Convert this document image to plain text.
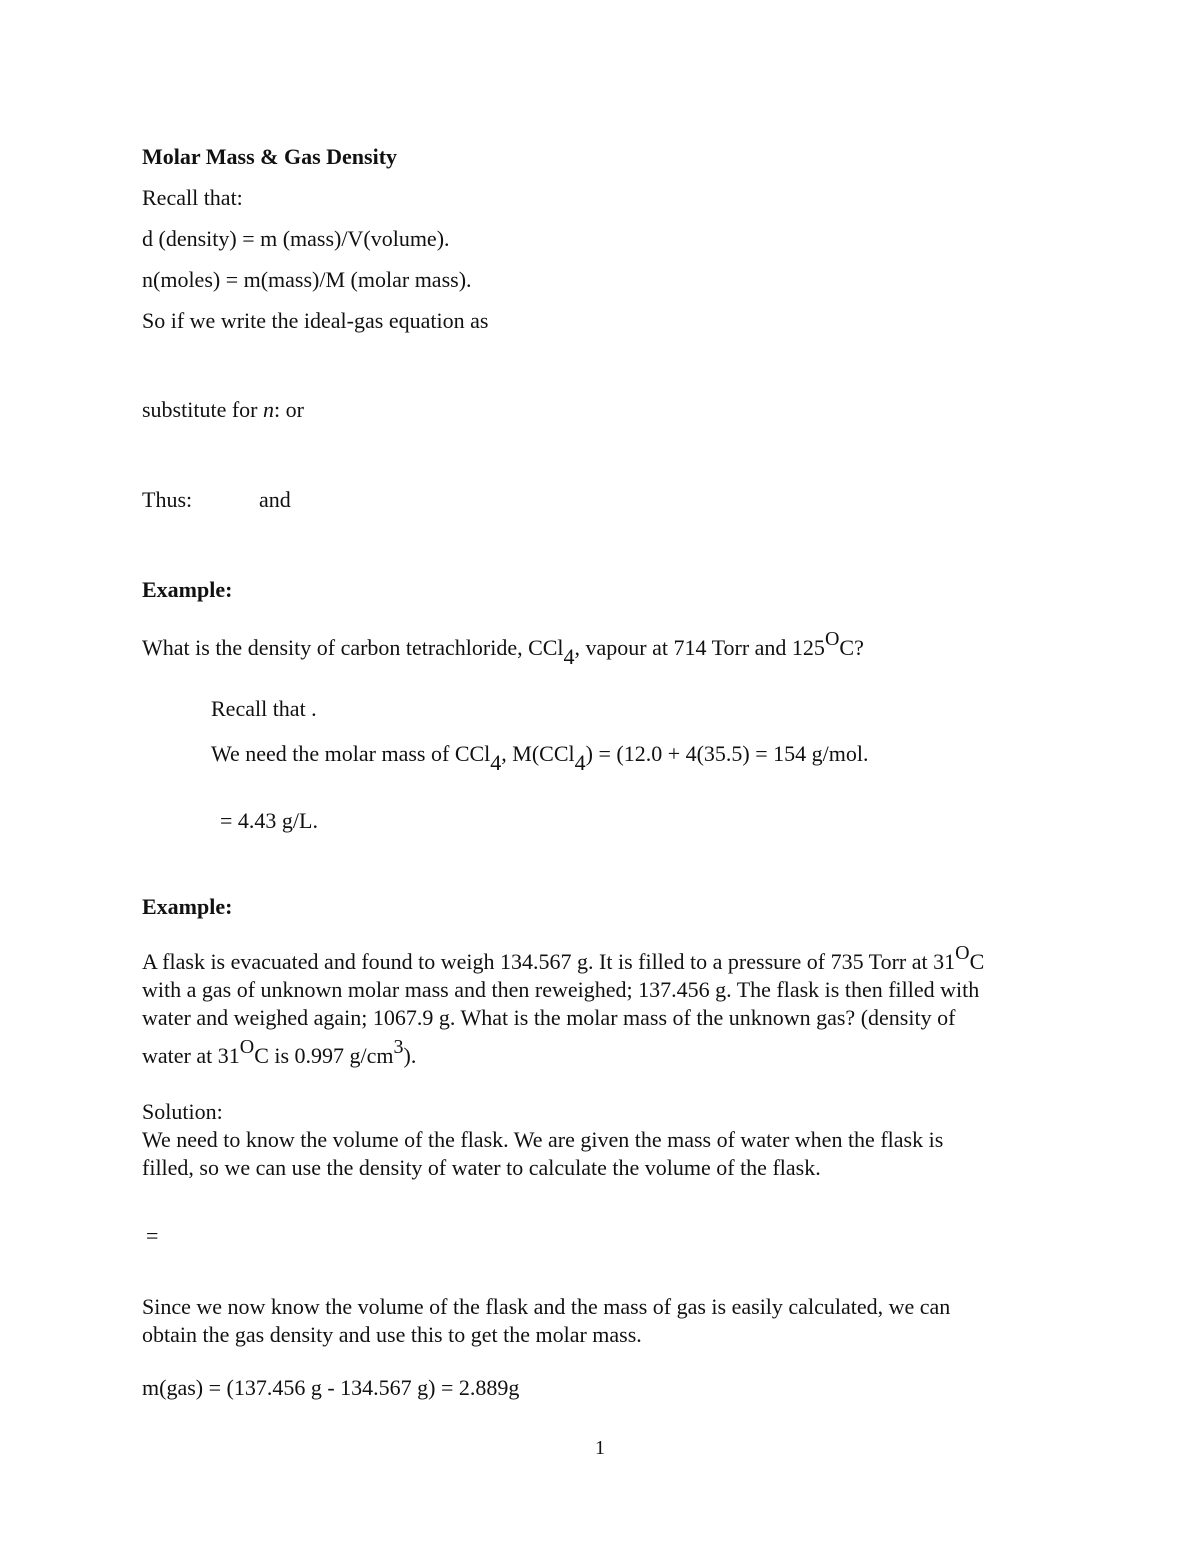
Molar Mass & Gas Density
Recall that:
d (density) = m (mass)/V(volume).
n(moles) = m(mass)/M (molar mass).
So if we write the ideal-gas equation as
substitute for n: or
Thus:	and
Example:
What is the density of carbon tetrachloride, CCl4, vapour at 714 Torr and 125OC?
Recall that .
We need the molar mass of CCl4, M(CCl4) = (12.0 + 4(35.5) = 154 g/mol.
= 4.43 g/L.
Example:
A flask is evacuated and found to weigh 134.567 g. It is filled to a pressure of 735 Torr at 31OC
with a gas of unknown molar mass and then reweighed; 137.456 g. The flask is then filled with
water and weighed again; 1067.9 g. What is the molar mass of the unknown gas? (density of
water at 31OC is 0.997 g/cm3).
Solution:
We need to know the volume of the flask. We are given the mass of water when the flask is
filled, so we can use the density of water to calculate the volume of the flask.
=
Since we now know the volume of the flask and the mass of gas is easily calculated, we can
obtain the gas density and use this to get the molar mass.
m(gas) = (137.456 g - 134.567 g) = 2.889g
1
